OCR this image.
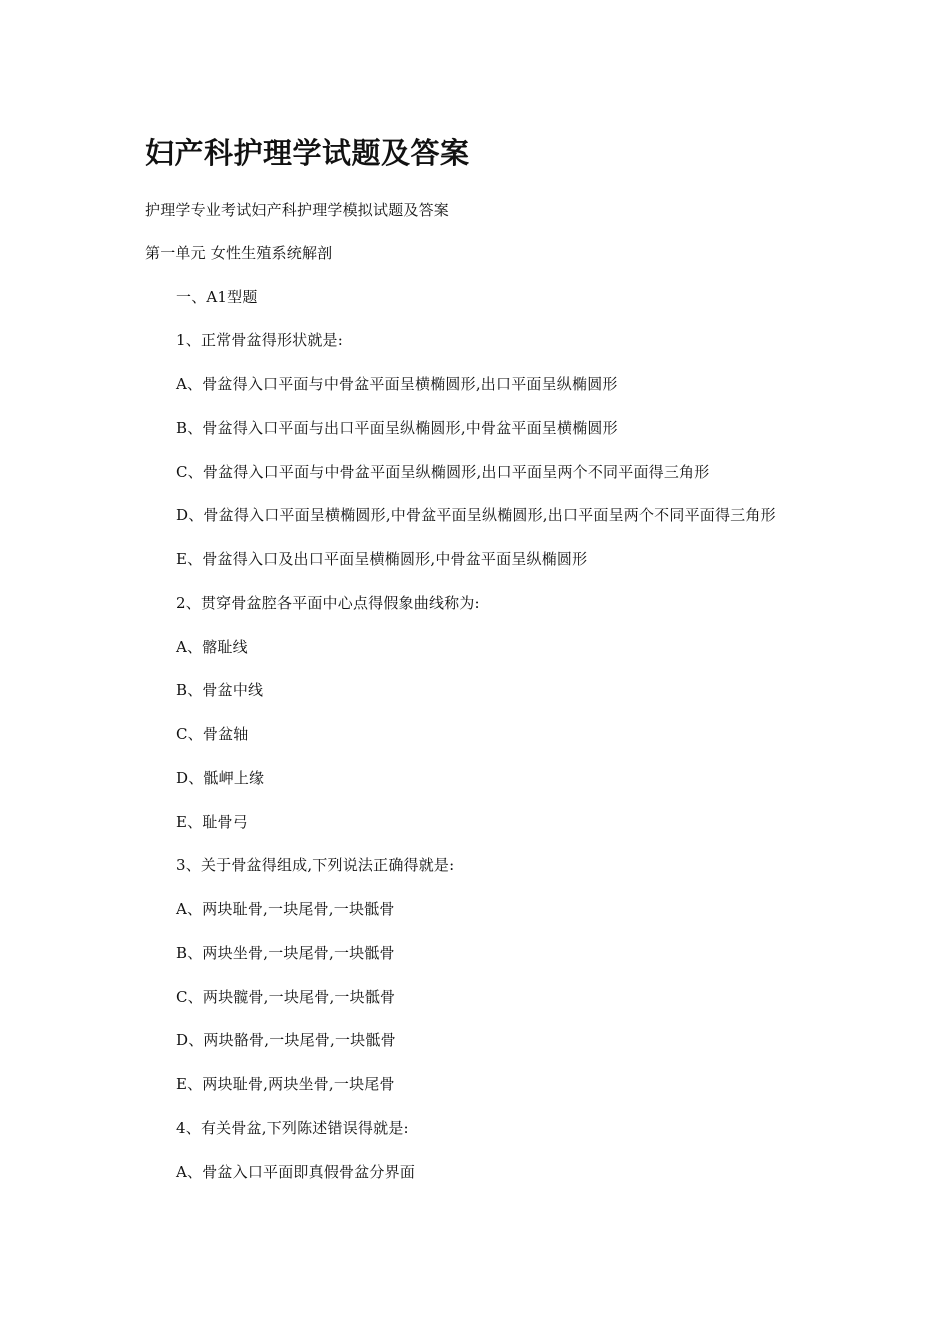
妇产科护理学试题及答案
护理学专业考试妇产科护理学模拟试题及答案
第一单元 女性生殖系统解剖
一、A1型题
1、正常骨盆得形状就是:
A、骨盆得入口平面与中骨盆平面呈横椭圆形,出口平面呈纵椭圆形
B、骨盆得入口平面与出口平面呈纵椭圆形,中骨盆平面呈横椭圆形
C、骨盆得入口平面与中骨盆平面呈纵椭圆形,出口平面呈两个不同平面得三角形
D、骨盆得入口平面呈横椭圆形,中骨盆平面呈纵椭圆形,出口平面呈两个不同平面得三角形
E、骨盆得入口及出口平面呈横椭圆形,中骨盆平面呈纵椭圆形
2、贯穿骨盆腔各平面中心点得假象曲线称为:
A、髂耻线
B、骨盆中线
C、骨盆轴
D、骶岬上缘
E、耻骨弓
3、关于骨盆得组成,下列说法正确得就是:
A、两块耻骨,一块尾骨,一块骶骨
B、两块坐骨,一块尾骨,一块骶骨
C、两块髋骨,一块尾骨,一块骶骨
D、两块骼骨,一块尾骨,一块骶骨
E、两块耻骨,两块坐骨,一块尾骨
4、有关骨盆,下列陈述错误得就是:
A、骨盆入口平面即真假骨盆分界面
